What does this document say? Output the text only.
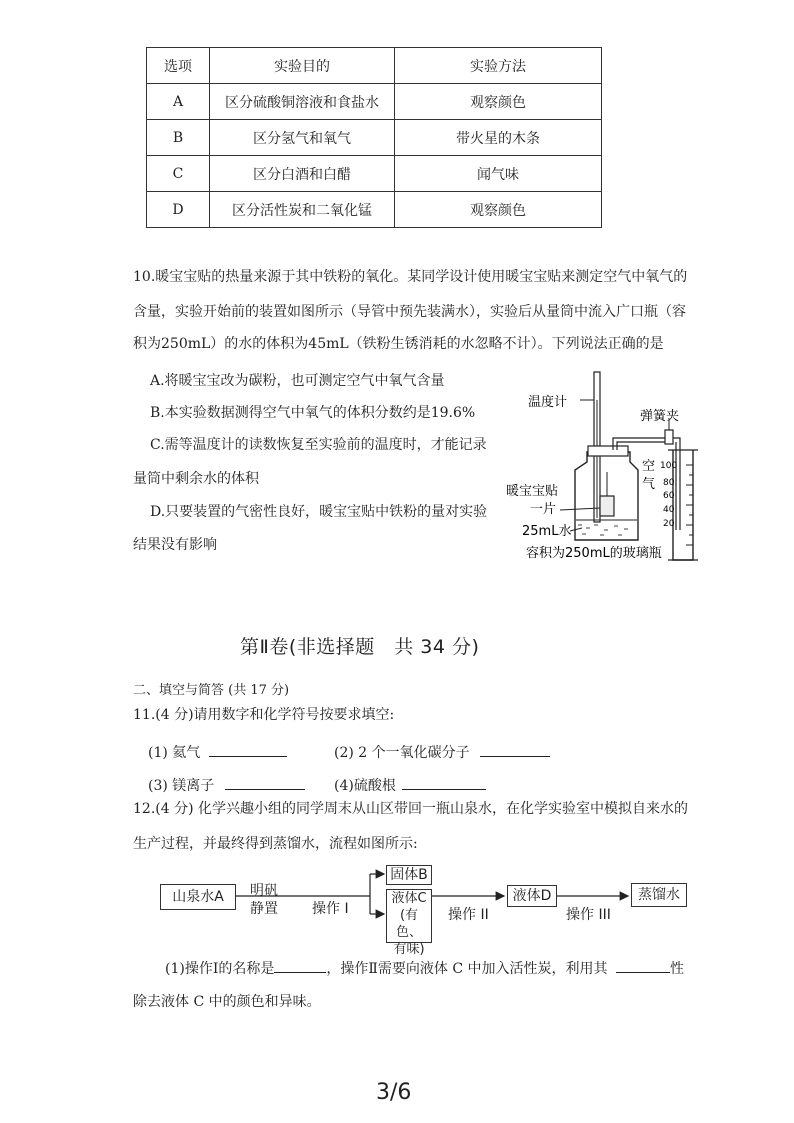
选项	实验目的	实验方法
A	区分硫酸铜溶液和食盐水	观察颜色
B	区分氢气和氧气	带火星的木条
C	区分白酒和白醋	闻气味
D	区分活性炭和二氧化锰	观察颜色
10.暖宝宝贴的热量来源于其中铁粉的氧化。某同学设计使用暖宝宝贴来测定空气中氧气的
含量，实验开始前的装置如图所示（导管中预先装满水），实验后从量筒中流入广口瓶（容
积为250mL）的水的体积为45mL（铁粉生锈消耗的水忽略不计）。下列说法正确的是
A.将暖宝宝改为碳粉，也可测定空气中氧气含量
B.本实验数据测得空气中氧气的体积分数约是19.6%
C.需等温度计的读数恢复至实验前的温度时，才能记录
量筒中剩余水的体积
D.只要装置的气密性良好，暖宝宝贴中铁粉的量对实验
结果没有影响
温度计
弹簧夹
空
气
100
80
60
40
20
暖宝宝贴
一片
25mL水
容积为250mL的玻璃瓶
第Ⅱ卷(非选择题　共 34 分)
二、填空与简答 (共 17 分)
11.(4 分)请用数字和化学符号按要求填空:
(1) 氦气	(2) 2 个一氧化碳分子
(3) 镁离子	(4)硫酸根
12.(4 分) 化学兴趣小组的同学周末从山区带回一瓶山泉水，在化学实验室中模拟自来水的
生产过程，并最终得到蒸馏水，流程如图所示:
山泉水A	明矾
静置 操作 I
固体B
液体C
(有色、
有味)
操作 II
液体D
操作 III
蒸馏水
(1)操作Ⅰ的名称是	，操作Ⅱ需要向液体 C 中加入活性炭，利用其	性
除去液体 C 中的颜色和异味。
3/6
